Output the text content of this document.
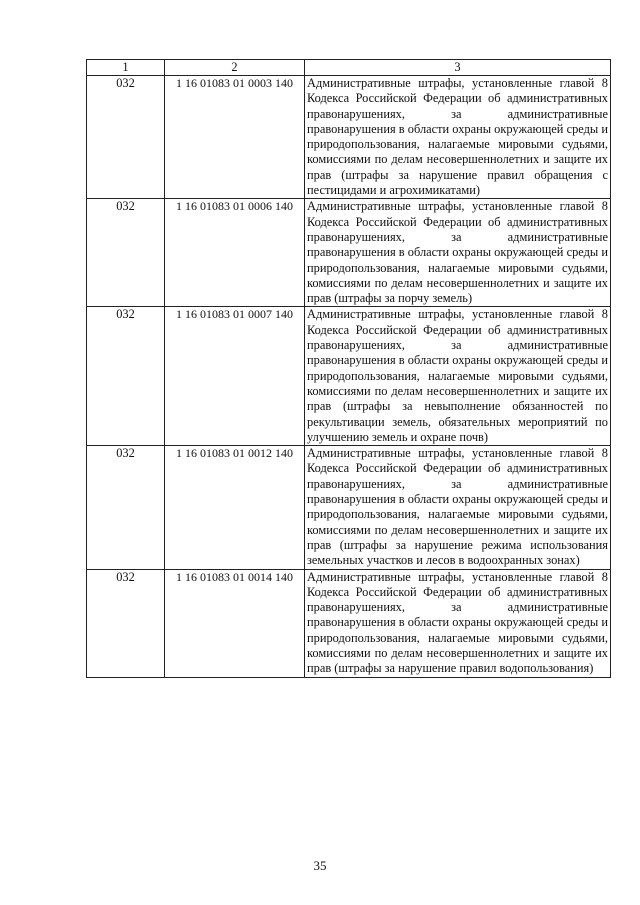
1	2	3
032	1 16 01083 01 0003 140	Административные штрафы, установленные главой 8 Кодекса Российской Федерации об административных правонарушениях, за административные правонарушения в области охраны окружающей среды и природопользования, налагаемые мировыми судьями, комиссиями по делам несовершеннолетних и защите их прав (штрафы за нарушение правил обращения с пестицидами и агрохимикатами)
032	1 16 01083 01 0006 140	Административные штрафы, установленные главой 8 Кодекса Российской Федерации об административных правонарушениях, за административные правонарушения в области охраны окружающей среды и природопользования, налагаемые мировыми судьями, комиссиями по делам несовершеннолетних и защите их прав (штрафы за порчу земель)
032	1 16 01083 01 0007 140	Административные штрафы, установленные главой 8 Кодекса Российской Федерации об административных правонарушениях, за административные правонарушения в области охраны окружающей среды и природопользования, налагаемые мировыми судьями, комиссиями по делам несовершеннолетних и защите их прав (штрафы за невыполнение обязанностей по рекультивации земель, обязательных мероприятий по улучшению земель и охране почв)
032	1 16 01083 01 0012 140	Административные штрафы, установленные главой 8 Кодекса Российской Федерации об административных правонарушениях, за административные правонарушения в области охраны окружающей среды и природопользования, налагаемые мировыми судьями, комиссиями по делам несовершеннолетних и защите их прав (штрафы за нарушение режима использования земельных участков и лесов в водоохранных зонах)
032	1 16 01083 01 0014 140	Административные штрафы, установленные главой 8 Кодекса Российской Федерации об административных правонарушениях, за административные правонарушения в области охраны окружающей среды и природопользования, налагаемые мировыми судьями, комиссиями по делам несовершеннолетних и защите их прав (штрафы за нарушение правил водопользования)
35
